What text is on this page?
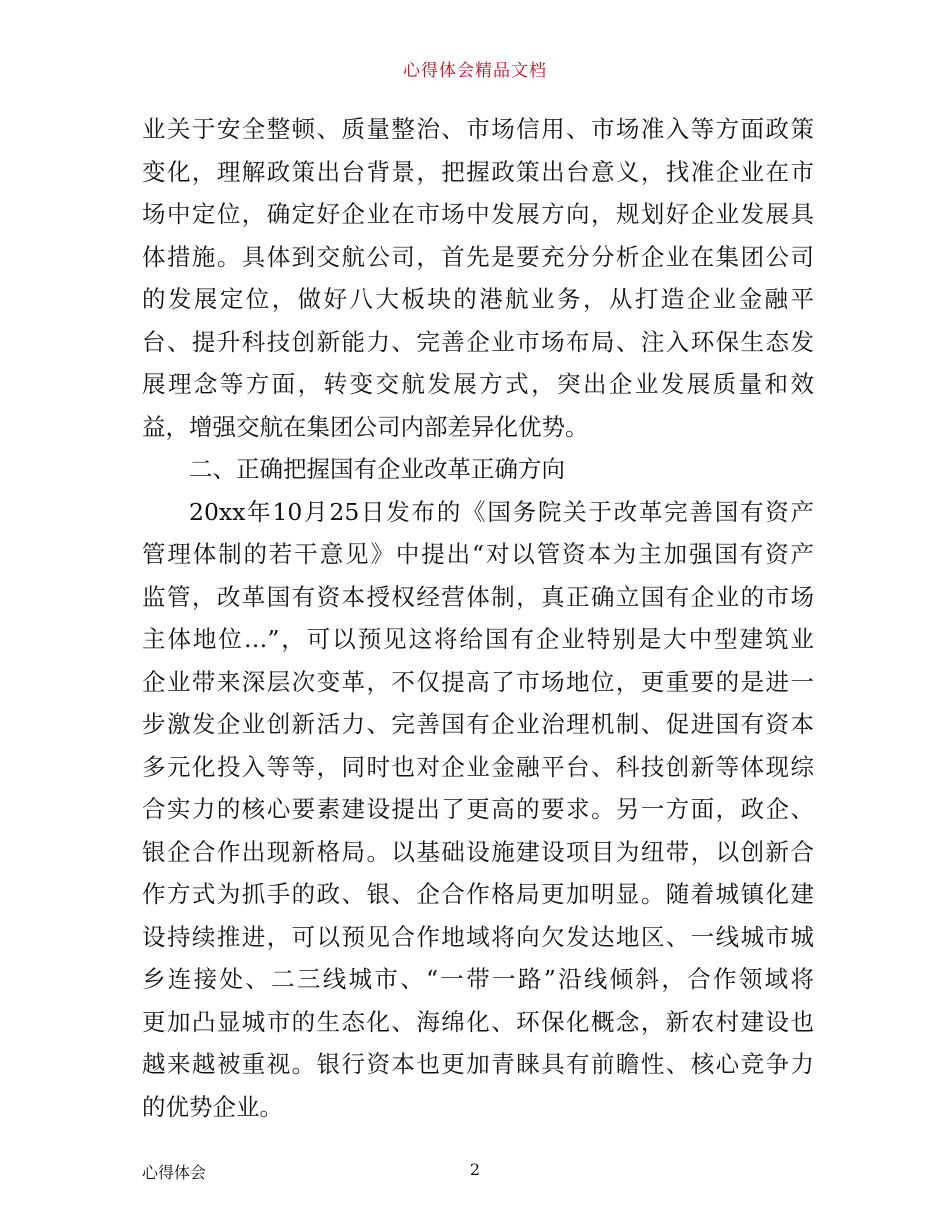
心得体会精品文档
业关于安全整顿、质量整治、市场信用、市场准入等方面政策
变化，理解政策出台背景，把握政策出台意义，找准企业在市
场中定位，确定好企业在市场中发展方向，规划好企业发展具
体措施。具体到交航公司，首先是要充分分析企业在集团公司
的发展定位，做好八大板块的港航业务，从打造企业金融平
台、提升科技创新能力、完善企业市场布局、注入环保生态发
展理念等方面，转变交航发展方式，突出企业发展质量和效
益，增强交航在集团公司内部差异化优势。
二、正确把握国有企业改革正确方向
20xx年10月25日发布的《国务院关于改革完善国有资产
管理体制的若干意见》中提出“对以管资本为主加强国有资产
监管，改革国有资本授权经营体制，真正确立国有企业的市场
主体地位…”，可以预见这将给国有企业特别是大中型建筑业
企业带来深层次变革，不仅提高了市场地位，更重要的是进一
步激发企业创新活力、完善国有企业治理机制、促进国有资本
多元化投入等等，同时也对企业金融平台、科技创新等体现综
合实力的核心要素建设提出了更高的要求。另一方面，政企、
银企合作出现新格局。以基础设施建设项目为纽带，以创新合
作方式为抓手的政、银、企合作格局更加明显。随着城镇化建
设持续推进，可以预见合作地域将向欠发达地区、一线城市城
乡连接处、二三线城市、“一带一路”沿线倾斜，合作领域将
更加凸显城市的生态化、海绵化、环保化概念，新农村建设也
越来越被重视。银行资本也更加青睐具有前瞻性、核心竞争力
的优势企业。
心得体会	2
